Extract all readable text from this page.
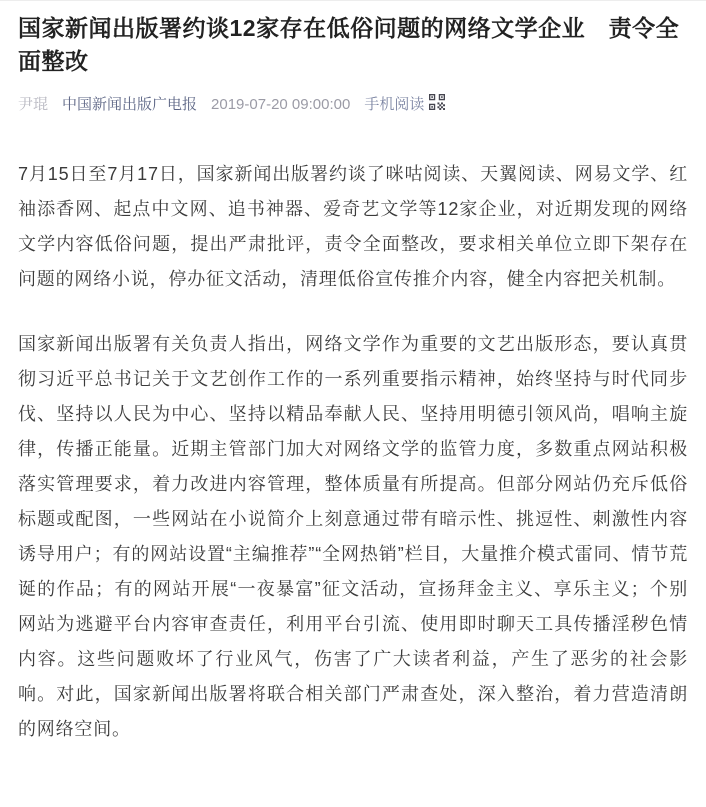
国家新闻出版署约谈12家存在低俗问题的网络文学企业　责令全面整改
尹琨 中国新闻出版广电报 2019-07-20 09:00:00 手机阅读

7月15日至7月17日，国家新闻出版署约谈了咪咕阅读、天翼阅读、网易文学、红袖添香网、起点中文网、追书神器、爱奇艺文学等12家企业，对近期发现的网络文学内容低俗问题，提出严肃批评，责令全面整改，要求相关单位立即下架存在问题的网络小说，停办征文活动，清理低俗宣传推介内容，健全内容把关机制。

国家新闻出版署有关负责人指出，网络文学作为重要的文艺出版形态，要认真贯彻习近平总书记关于文艺创作工作的一系列重要指示精神，始终坚持与时代同步伐、坚持以人民为中心、坚持以精品奉献人民、坚持用明德引领风尚，唱响主旋律，传播正能量。近期主管部门加大对网络文学的监管力度，多数重点网站积极落实管理要求，着力改进内容管理，整体质量有所提高。但部分网站仍充斥低俗标题或配图，一些网站在小说简介上刻意通过带有暗示性、挑逗性、刺激性内容诱导用户；有的网站设置“主编推荐”“全网热销”栏目，大量推介模式雷同、情节荒诞的作品；有的网站开展“一夜暴富”征文活动，宣扬拜金主义、享乐主义；个别网站为逃避平台内容审查责任，利用平台引流、使用即时聊天工具传播淫秽色情内容。这些问题败坏了行业风气，伤害了广大读者利益，产生了恶劣的社会影响。对此，国家新闻出版署将联合相关部门严肃查处，深入整治，着力营造清朗的网络空间。
